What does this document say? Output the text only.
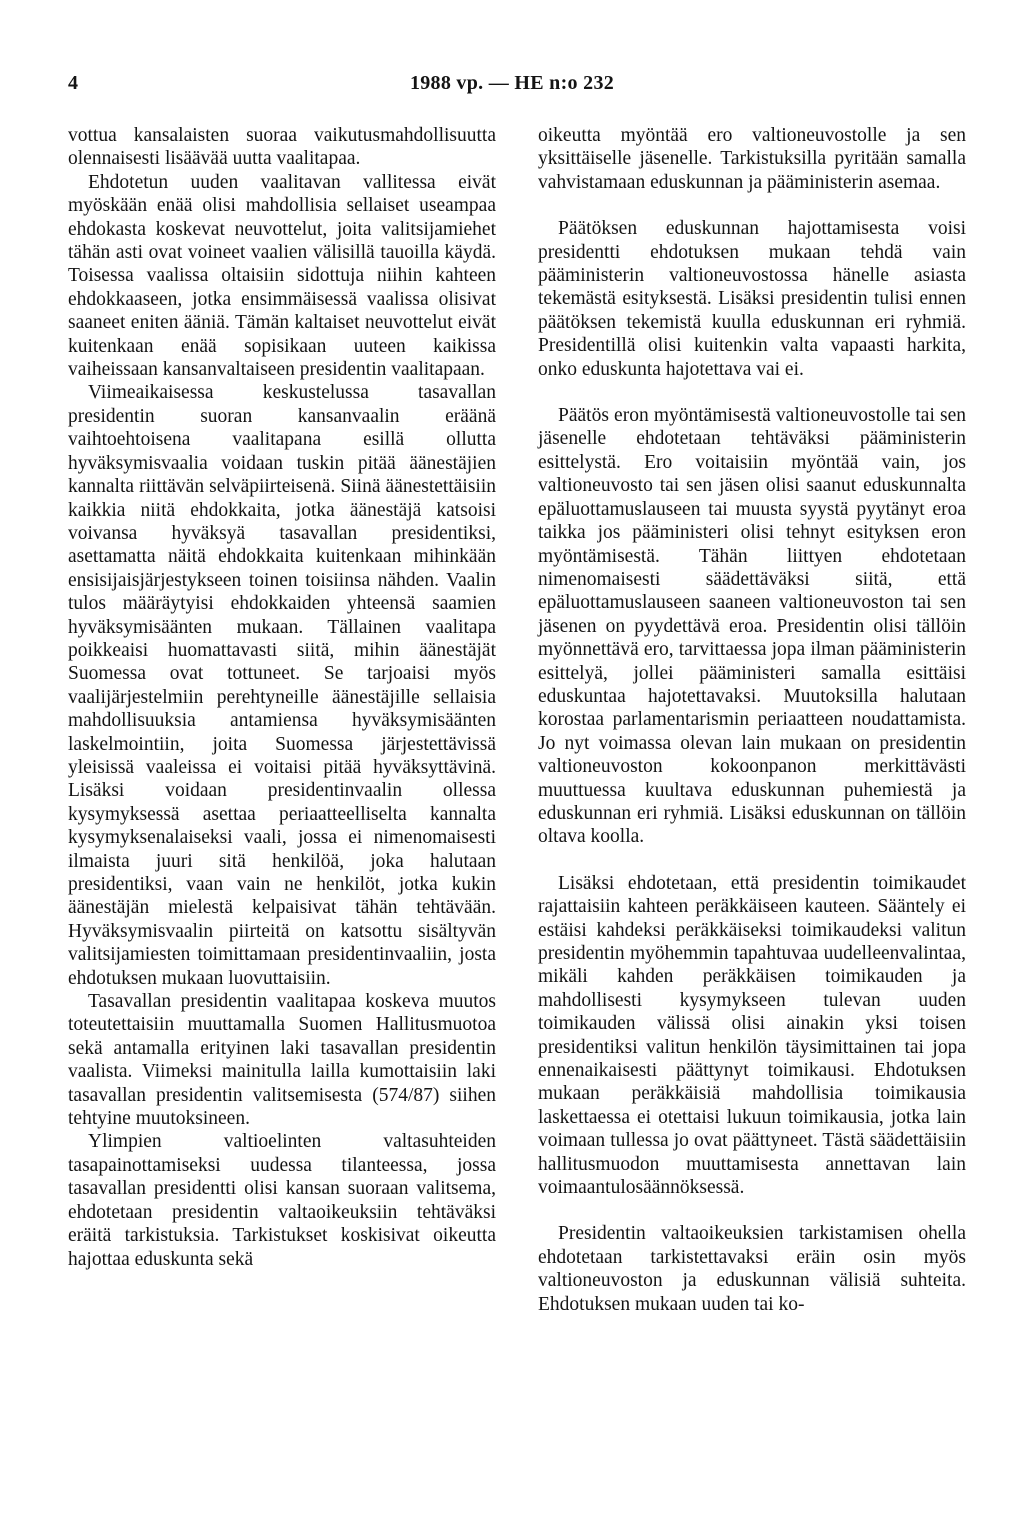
4	1988 vp. — HE n:o 232

vottua kansalaisten suoraa vaikutusmahdollisuutta olennaisesti lisäävää uutta vaalitapaa.

Ehdotetun uuden vaalitavan vallitessa eivät myöskään enää olisi mahdollisia sellaiset useampaa ehdokasta koskevat neuvottelut, joita valitsijamiehet tähän asti ovat voineet vaalien välisillä tauoilla käydä. Toisessa vaalissa oltaisiin sidottuja niihin kahteen ehdokkaaseen, jotka ensimmäisessä vaalissa olisivat saaneet eniten ääniä. Tämän kaltaiset neuvottelut eivät kuitenkaan enää sopisikaan uuteen kaikissa vaiheissaan kansanvaltaiseen presidentin vaalitapaan.

Viimeaikaisessa keskustelussa tasavallan presidentin suoran kansanvaalin eräänä vaihtoehtoisena vaalitapana esillä ollutta hyväksymisvaalia voidaan tuskin pitää äänestäjien kannalta riittävän selväpiirteisenä. Siinä äänestettäisiin kaikkia niitä ehdokkaita, jotka äänestäjä katsoisi voivansa hyväksyä tasavallan presidentiksi, asettamatta näitä ehdokkaita kuitenkaan mihinkään ensisijaisjärjestykseen toinen toisiinsa nähden. Vaalin tulos määräytyisi ehdokkaiden yhteensä saamien hyväksymisäänten mukaan. Tällainen vaalitapa poikkeaisi huomattavasti siitä, mihin äänestäjät Suomessa ovat tottuneet. Se tarjoaisi myös vaalijärjestelmiin perehtyneille äänestäjille sellaisia mahdollisuuksia antamiensa hyväksymisäänten laskelmointiin, joita Suomessa järjestettävissä yleisissä vaaleissa ei voitaisi pitää hyväksyttävinä. Lisäksi voidaan presidentinvaalin ollessa kysymyksessä asettaa periaatteelliselta kannalta kysymyksenalaiseksi vaali, jossa ei nimenomaisesti ilmaista juuri sitä henkilöä, joka halutaan presidentiksi, vaan vain ne henkilöt, jotka kukin äänestäjän mielestä kelpaisivat tähän tehtävään. Hyväksymisvaalin piirteitä on katsottu sisältyvän valitsijamiesten toimittamaan presidentinvaaliin, josta ehdotuksen mukaan luovuttaisiin.

Tasavallan presidentin vaalitapaa koskeva muutos toteutettaisiin muuttamalla Suomen Hallitusmuotoa sekä antamalla erityinen laki tasavallan presidentin vaalista. Viimeksi mainitulla lailla kumottaisiin laki tasavallan presidentin valitsemisesta (574/87) siihen tehtyine muutoksineen.

Ylimpien valtioelinten valtasuhteiden tasapainottamiseksi uudessa tilanteessa, jossa tasavallan presidentti olisi kansan suoraan valitsema, ehdotetaan presidentin valtaoikeuksiin tehtäväksi eräitä tarkistuksia. Tarkistukset koskisivat oikeutta hajottaa eduskunta sekä

oikeutta myöntää ero valtioneuvostolle ja sen yksittäiselle jäsenelle. Tarkistuksilla pyritään samalla vahvistamaan eduskunnan ja pääministerin asemaa.

Päätöksen eduskunnan hajottamisesta voisi presidentti ehdotuksen mukaan tehdä vain pääministerin valtioneuvostossa hänelle asiasta tekemästä esityksestä. Lisäksi presidentin tulisi ennen päätöksen tekemistä kuulla eduskunnan eri ryhmiä. Presidentillä olisi kuitenkin valta vapaasti harkita, onko eduskunta hajotettava vai ei.

Päätös eron myöntämisestä valtioneuvostolle tai sen jäsenelle ehdotetaan tehtäväksi pääministerin esittelystä. Ero voitaisiin myöntää vain, jos valtioneuvosto tai sen jäsen olisi saanut eduskunnalta epäluottamuslauseen tai muusta syystä pyytänyt eroa taikka jos pääministeri olisi tehnyt esityksen eron myöntämisestä. Tähän liittyen ehdotetaan nimenomaisesti säädettäväksi siitä, että epäluottamuslauseen saaneen valtioneuvoston tai sen jäsenen on pyydettävä eroa. Presidentin olisi tällöin myönnettävä ero, tarvittaessa jopa ilman pääministerin esittelyä, jollei pääministeri samalla esittäisi eduskuntaa hajotettavaksi. Muutoksilla halutaan korostaa parlamentarismin periaatteen noudattamista. Jo nyt voimassa olevan lain mukaan on presidentin valtioneuvoston kokoonpanon merkittävästi muuttuessa kuultava eduskunnan puhemiestä ja eduskunnan eri ryhmiä. Lisäksi eduskunnan on tällöin oltava koolla.

Lisäksi ehdotetaan, että presidentin toimikaudet rajattaisiin kahteen peräkkäiseen kauteen. Sääntely ei estäisi kahdeksi peräkkäiseksi toimikaudeksi valitun presidentin myöhemmin tapahtuvaa uudelleenvalintaa, mikäli kahden peräkkäisen toimikauden ja mahdollisesti kysymykseen tulevan uuden toimikauden välissä olisi ainakin yksi toisen presidentiksi valitun henkilön täysimittainen tai jopa ennenaikaisesti päättynyt toimikausi. Ehdotuksen mukaan peräkkäisiä mahdollisia toimikausia laskettaessa ei otettaisi lukuun toimikausia, jotka lain voimaan tullessa jo ovat päättyneet. Tästä säädettäisiin hallitusmuodon muuttamisesta annettavan lain voimaantulosäännöksessä.

Presidentin valtaoikeuksien tarkistamisen ohella ehdotetaan tarkistettavaksi eräin osin myös valtioneuvoston ja eduskunnan välisiä suhteita. Ehdotuksen mukaan uuden tai ko-
